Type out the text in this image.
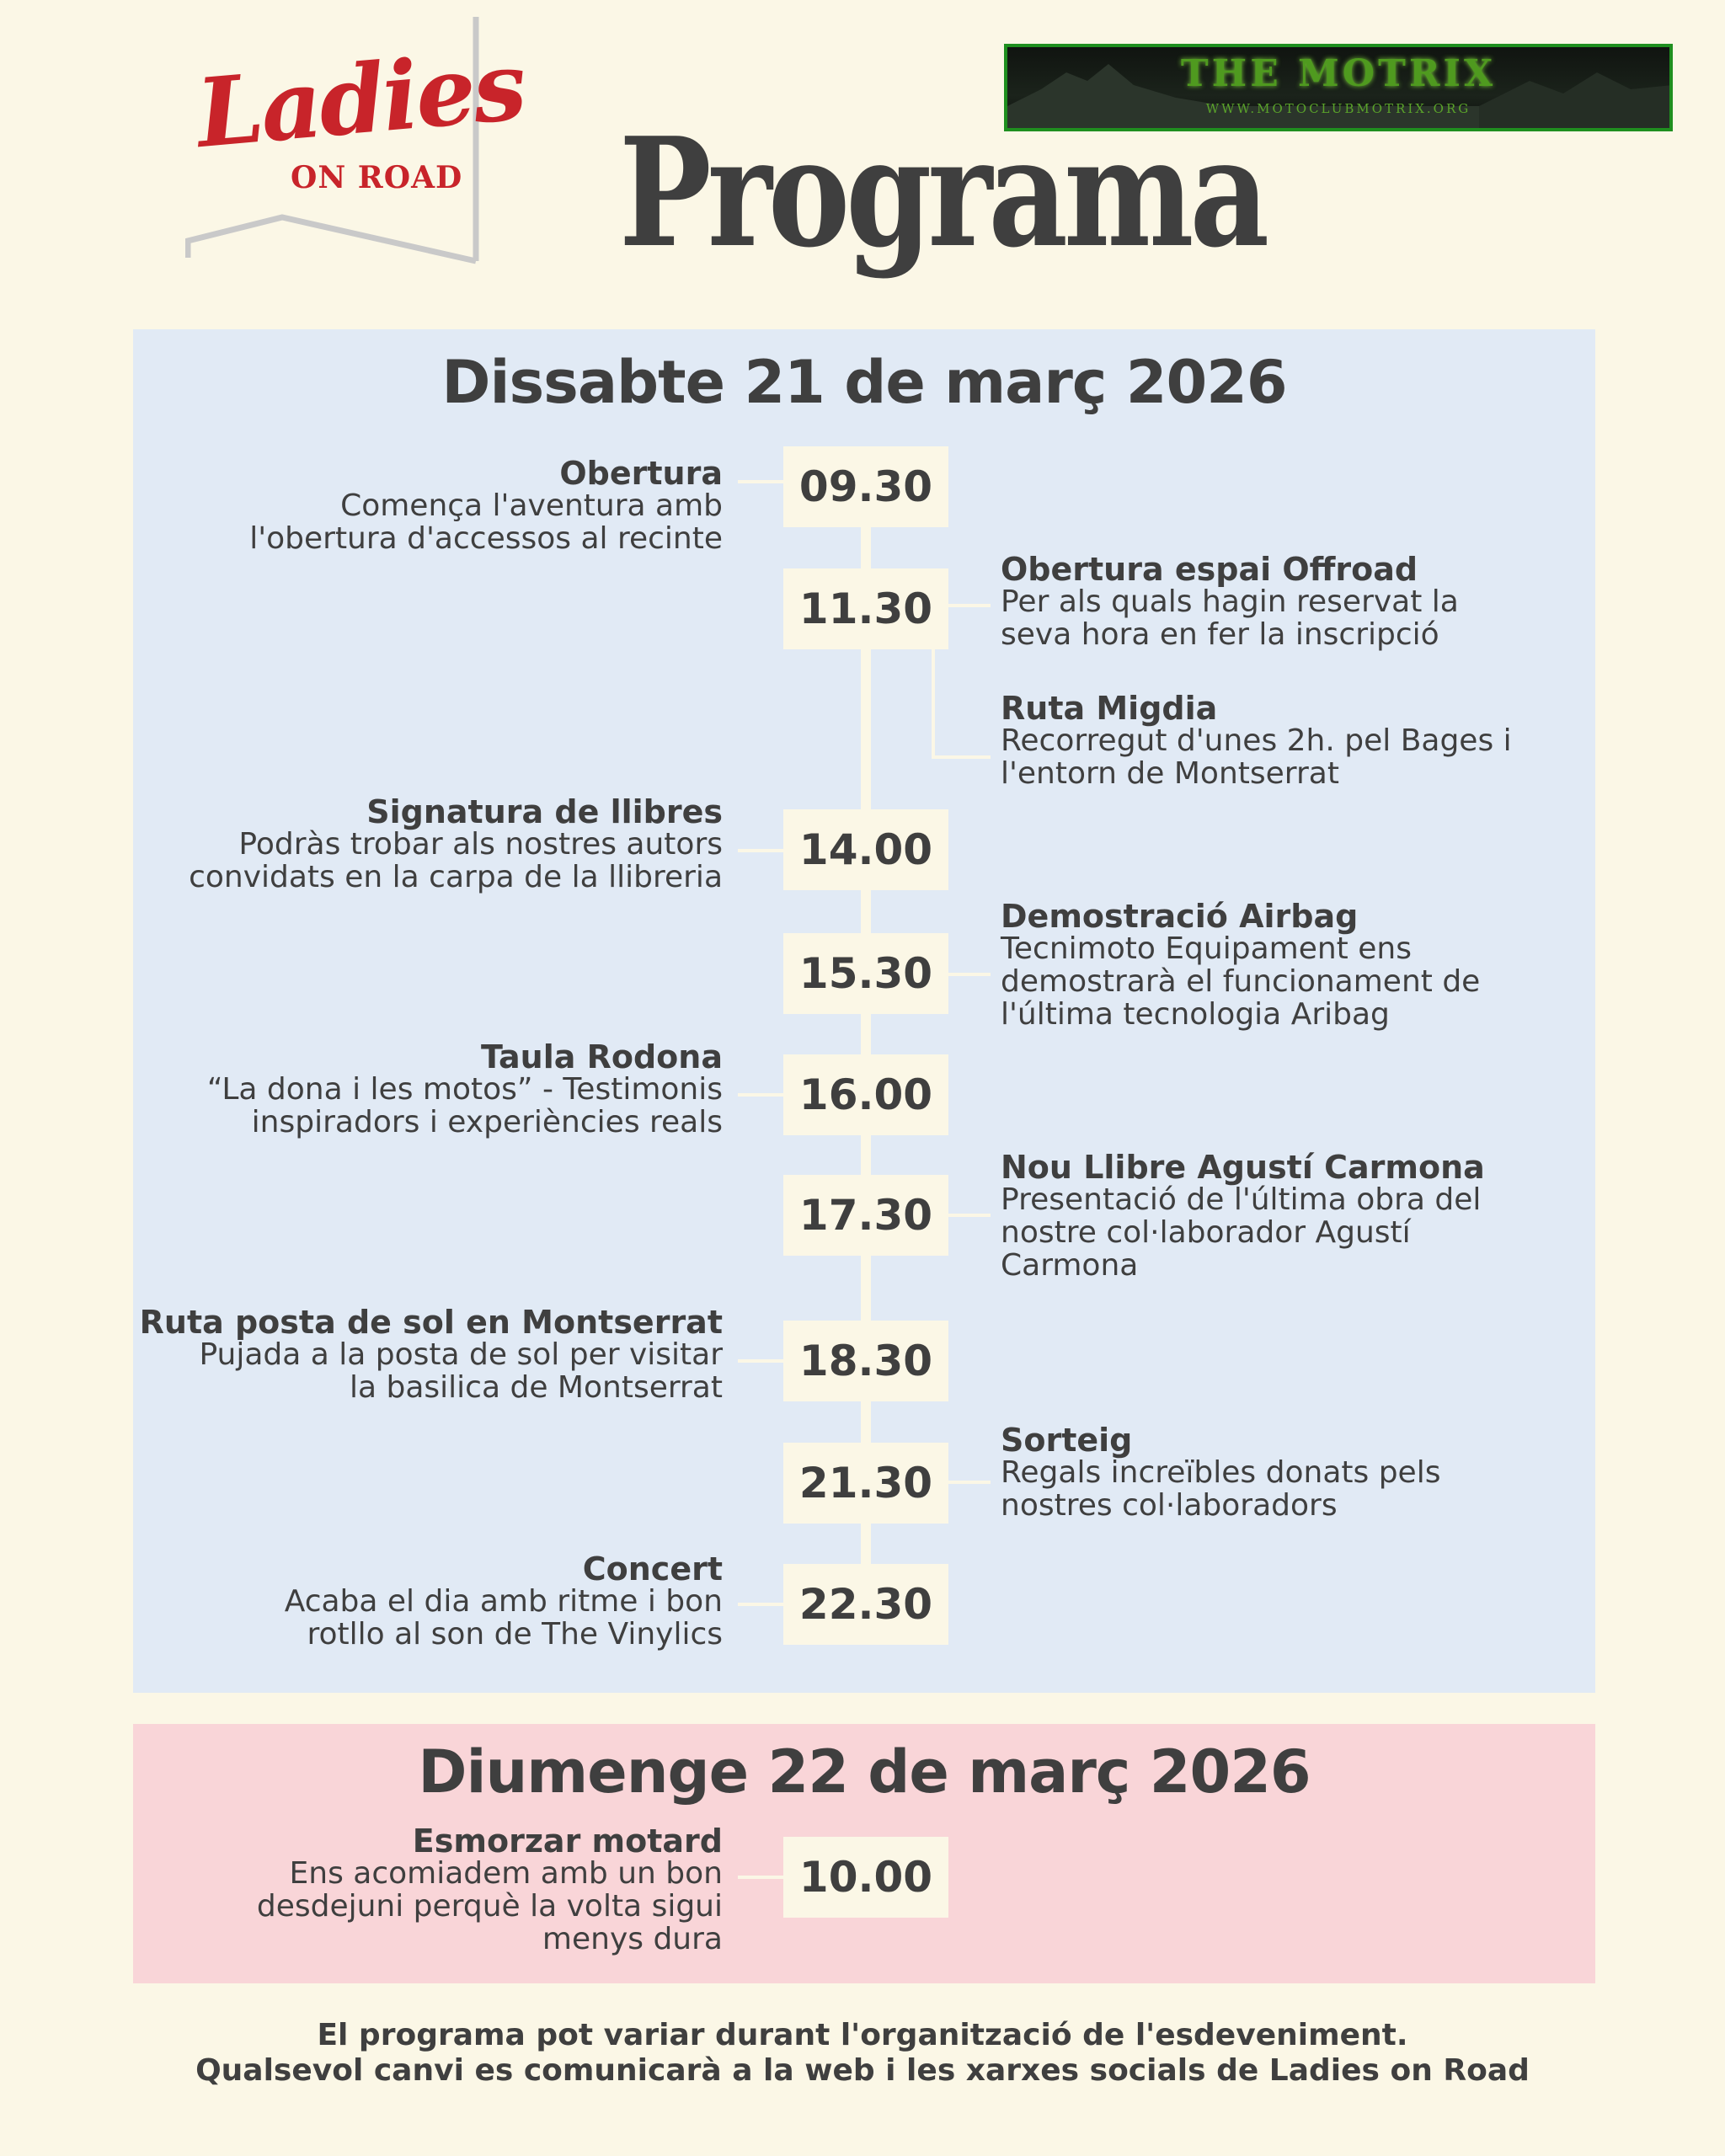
Ladies
ON ROAD
THE MOTRIX
WWW.MOTOCLUBMOTRIX.ORG
Programa
Dissabte 21 de març 2026
09.30
11.30
14.00
15.30
16.00
17.30
18.30
21.30
22.30
Obertura
Comença l'aventura amb
l'obertura d'accessos al recinte
Obertura espai Offroad
Per als quals hagin reservat la
seva hora en fer la inscripció
Ruta Migdia
Recorregut d'unes 2h. pel Bages i
l'entorn de Montserrat
Signatura de llibres
Podràs trobar als nostres autors
convidats en la carpa de la llibreria
Demostració Airbag
Tecnimoto Equipament ens
demostrarà el funcionament de
l'última tecnologia Aribag
Taula Rodona
“La dona i les motos” - Testimonis
inspiradors i experiències reals
Nou Llibre Agustí Carmona
Presentació de l'última obra del
nostre col·laborador Agustí
Carmona
Ruta posta de sol en Montserrat
Pujada a la posta de sol per visitar
la basilica de Montserrat
Sorteig
Regals increïbles donats pels
nostres col·laboradors
Concert
Acaba el dia amb ritme i bon
rotllo al son de The Vinylics
Diumenge 22 de març 2026
10.00
Esmorzar motard
Ens acomiadem amb un bon
desdejuni perquè la volta sigui
menys dura
El programa pot variar durant l'organització de l'esdeveniment.
Qualsevol canvi es comunicarà a la web i les xarxes socials de Ladies on Road
